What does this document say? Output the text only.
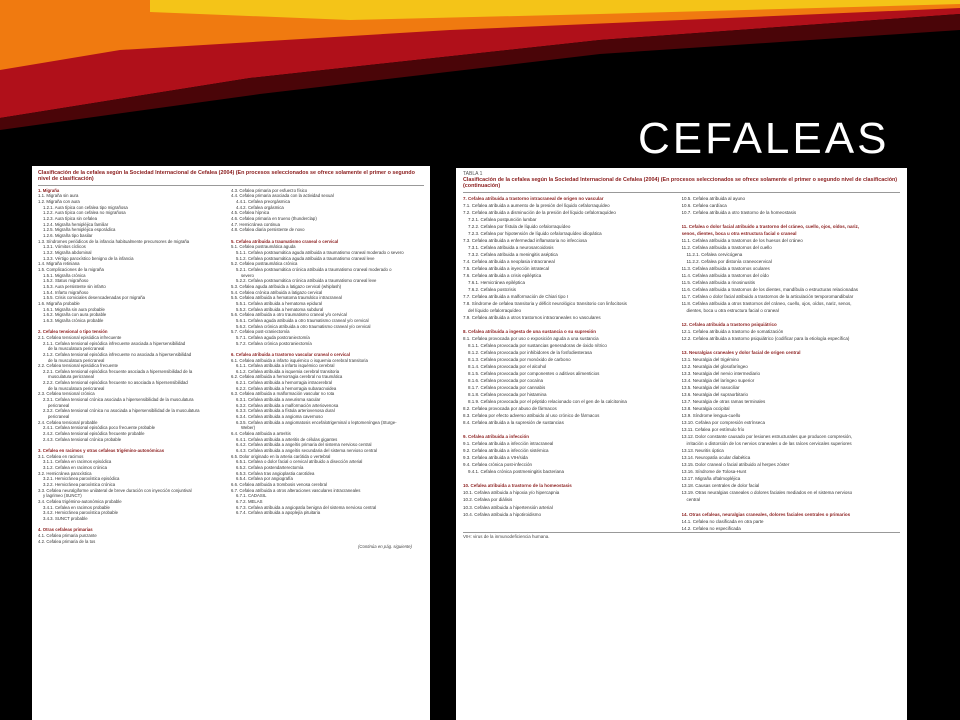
CEFALEAS
Clasificación de la cefalea según la Sociedad Internacional de Cefalea (2004) (En procesos seleccionados se ofrece solamente el primer o segundo nivel de clasificación)
1. Migraña
1.1. Migraña sin aura
1.2. Migraña con aura
1.2.1. Aura típica con cefalea tipo migrañosa
1.2.2. Aura típica con cefalea no migrañosa
1.2.3. Aura típica sin cefalea
1.2.4. Migraña hemipléjica familiar
1.2.5. Migraña hemipléjica esporádica
1.2.6. Migraña tipo basilar
1.3. Síndromes periódicos de la infancia habitualmente precursores de migraña
1.3.1. Vómitos cíclicos
1.3.2. Migraña abdominal
1.3.3. Vértigo paroxístico benigno de la infancia
1.4. Migraña retiniana
1.5. Complicaciones de la migraña
1.5.1. Migraña crónica
1.5.2. Status migrañoso
1.5.3. Aura persistente sin infarto
1.5.4. Infarto migrañoso
1.5.5. Crisis comiciales desencadenadas por migraña
1.6. Migraña probable
1.6.1. Migraña sin aura probable
1.6.2. Migraña con aura probable
1.6.3. Migraña crónica probable

2. Cefalea tensional o tipo tensión
2.1. Cefalea tensional episódica infrecuente
2.1.1. Cefalea tensional episódica infrecuente asociada a hipersensibilidad
de la musculatura pericraneal
2.1.2. Cefalea tensional episódica infrecuente no asociada a hipersensibilidad
de la musculatura pericraneal
2.2. Cefalea tensional episódica frecuente
2.2.1. Cefalea tensional episódica frecuente asociada a hipersensibilidad de la
musculatura pericraneal
2.2.2. Cefalea tensional episódica frecuente no asociada a hipersensibilidad
de la musculatura pericraneal
2.3. Cefalea tensional crónica
2.3.1. Cefalea tensional crónica asociada a hipersensibilidad de la musculatura
pericraneal
2.3.2. Cefalea tensional crónica no asociada a hipersensibilidad de la musculatura
pericraneal
2.4. Cefalea tensional probable
2.4.1. Cefalea tensional episódica poco frecuente probable
2.4.2. Cefalea tensional episódica frecuente probable
2.4.3. Cefalea tensional crónica probable

3. Cefalea en racimos y otras cefaleas trigémino-autonómicas
3.1. Cefalea en racimos
3.1.1. Cefalea en racimos episódica
3.1.2. Cefalea en racimos crónica
3.2. Hemicránea paroxística
3.2.1. Hemicránea paroxística episódica
3.2.2. Hemicránea paroxística crónica
3.3. Cefalea neuralgiforme unilateral de breve duración con inyección conjuntival
y lagrimeo (SUNCT)
3.4. Cefalea trigémino-autonómica probable
3.4.1. Cefalea en racimos probable
3.4.2. Hemicránea paroxística probable
3.4.3. SUNCT probable

4. Otras cefaleas primarias
4.1. Cefalea primaria punzante
4.2. Cefalea primaria de la tos
4.3. Cefalea primaria por esfuerzo físico
4.4. Cefalea primaria asociada con la actividad sexual
4.4.1. Cefalea preorgásmica
4.4.2. Cefalea orgásmica
4.5. Cefalea hípnica
4.6. Cefalea primaria en trueno (thunderclap)
4.7. Hemicránea continua
4.8. Cefalea diaria persistente de novo

5. Cefalea atribuida a traumatismo craneal o cervical
5.1. Cefalea postraumática aguda
5.1.1. Cefalea postraumática aguda atribuida a traumatismo craneal moderado o severo
5.1.2. Cefalea postraumática aguda atribuida a traumatismo craneal leve
5.2. Cefalea postraumática crónica
5.2.1. Cefalea postraumática crónica atribuida a traumatismo craneal moderado o
severo
5.2.2. Cefalea postraumática crónica atribuida a traumatismo craneal leve
5.3. Cefalea aguda atribuida a latigazo cervical (whiplash)
5.4. Cefalea crónica atribuida a latigazo cervical
5.5. Cefalea atribuida a hematoma traumático intracraneal
5.5.1. Cefalea atribuida a hematoma epidural
5.5.2. Cefalea atribuida a hematoma subdural
5.6. Cefalea atribuida a otro traumatismo craneal y/o cervical
5.6.1. Cefalea aguda atribuida a otro traumatismo craneal y/o cervical
5.6.2. Cefalea crónica atribuida a otro traumatismo craneal y/o cervical
5.7. Cefalea post-craniectomía
5.7.1. Cefalea aguda postcraniectomía
5.7.2. Cefalea crónica postcraniectomía

6. Cefalea atribuida a trastorno vascular craneal o cervical
6.1. Cefalea atribuida a infarto isquémico o isquemia cerebral transitoria
6.1.1. Cefalea atribuida a infarto isquémico cerebral
6.1.2. Cefalea atribuida a isquemia cerebral transitoria
6.2. Cefalea atribuida a hemorragia cerebral no traumática
6.2.1. Cefalea atribuida a hemorragia intracerebral
6.2.2. Cefalea atribuida a hemorragia subaracnoidea
6.3. Cefalea atribuida a malformación vascular no rota
6.3.1. Cefalea atribuida a aneurisma sacular
6.3.2. Cefalea atribuida a malformación arteriovenosa
6.3.3. Cefalea atribuida a fístula arteriovenosa dural
6.3.4. Cefalea atribuida a angioma cavernoso
6.3.5. Cefalea atribuida a angiomatosis encefalotrigeminal o leptomeníngea (Sturge-
Weber)
6.4. Cefalea atribuida a arteritis
6.4.1. Cefalea atribuida a arteritis de células gigantes
6.4.2. Cefalea atribuida a angeítis primaria del sistema nervioso central
6.4.3. Cefalea atribuida a angeítis secundaria del sistema nervioso central
6.5. Dolor originado en la arteria carótida o vertebral
6.5.1. Cefalea o dolor facial o cervical atribuido a disección arterial
6.5.2. Cefalea postendarterectomía
6.5.3. Cefalea tras angioplastia carotídea
6.5.4. Cefalea por angiografía
6.6. Cefalea atribuida a trombosis venosa cerebral
6.7. Cefalea atribuida a otros alteraciones vasculares intracraneales
6.7.1. CADASIL
6.7.2. MELAS
6.7.3. Cefalea atribuida a angiopatía benigna del sistema nervioso central
6.7.4. Cefalea atribuida a apoplejía pituitaria
(Continúa en pág. siguiente)
TABLA 1
Clasificación de la cefalea según la Sociedad Internacional de Cefalea (2004) (En procesos seleccionados se ofrece solamente el primer o segundo nivel de clasificación) (continuación)
7. Cefalea atribuida a trastorno intracraneal de origen no vascular
7.1. Cefalea atribuida a aumento de la presión del líquido cefalorraquídeo
7.2. Cefalea atribuida a disminución de la presión del líquido cefalorraquídeo
7.2.1. Cefalea postpunción lumbar
7.2.2. Cefalea por fístula de líquido cefalorraquídeo
7.2.3. Cefalea por hipotensión de líquido cefalorraquídeo idiopática
7.3. Cefalea atribuida a enfermedad inflamatoria no infecciosa
7.3.1. Cefalea atribuida a neurosarcoidosis
7.3.2. Cefalea atribuida a meningitis aséptica
7.4. Cefalea atribuida a neoplasia intracraneal
7.5. Cefalea atribuida a inyección intratecal
7.6. Cefalea atribuida a crisis epiléptica
7.6.1. Hemicránea epiléptica
7.6.2. Cefalea postcrisis
7.7. Cefalea atribuida a malformación de Chiari tipo I
7.8. Síndrome de cefalea transitoria y déficit neurológico transitorio con linfocitosis
del líquido cefalorraquídeo
7.9. Cefalea atribuida a otros trastornos intracraneales no vasculares

8. Cefalea atribuida a ingesta de una sustancia o su supresión
8.1. Cefalea provocada por uso o exposición aguda a una sustancia
8.1.1. Cefalea provocada por sustancias generadoras de óxido nítrico
8.1.2. Cefalea provocada por inhibidores de la fosfodiesterasa
8.1.3. Cefalea provocada por monóxido de carbono
8.1.4. Cefalea provocada por el alcohol
8.1.5. Cefalea provocada por componentes o aditivos alimenticios
8.1.6. Cefalea provocada por cocaína
8.1.7. Cefalea provocada por cannabis
8.1.8. Cefalea provocada por histamina
8.1.9. Cefalea provocada por el péptido relacionado con el gen de la calcitonina
8.2. Cefalea provocada por abuso de fármacos
8.3. Cefalea por efecto adverso atribuido al uso crónico de fármacos
8.4. Cefalea atribuida a la supresión de sustancias

9. Cefalea atribuida a infección
9.1. Cefalea atribuida a infección intracraneal
9.2. Cefalea atribuida a infección sistémica
9.3. Cefalea atribuida a VIH/sida
9.4. Cefalea crónica post-infección
9.4.1. Cefalea crónica postmeningitis bacteriana

10. Cefalea atribuida a trastorno de la homeostasis
10.1. Cefalea atribuida a hipoxia y/o hipercapnia
10.2. Cefalea por diálisis
10.3. Cefalea atribuida a hipertensión arterial
10.4. Cefalea atribuida a hipotiroidismo
10.5. Cefalea atribuida al ayuno
10.6. Cefalea cardíaca
10.7. Cefalea atribuida a otro trastorno de la homeostasis

11. Cefalea o dolor facial atribuido a trastorno del cráneo, cuello, ojos, oídos, nariz,
senos, dientes, boca u otra estructura facial o craneal
11.1. Cefalea atribuida a trastornos de los huesos del cráneo
11.2. Cefalea atribuida a trastornos del cuello
11.2.1. Cefalea cervicógena
11.2.2. Cefalea por distonía craneocervical
11.3. Cefalea atribuida a trastornos oculares
11.4. Cefalea atribuida a trastornos del oído
11.5. Cefalea atribuida a rinosinusitis
11.6. Cefalea atribuida a trastornos de los dientes, mandíbula o estructuras relacionadas
11.7. Cefalea o dolor facial atribuido a trastornos de la articulación temporomandibular
11.8. Cefalea atribuida a otros trastornos del cráneo, cuello, ojos, oídos, nariz, senos,
dientes, boca u otra estructura facial o craneal

12. Cefalea atribuida a trastorno psiquiátrico
12.1. Cefalea atribuida a trastorno de somatización
12.2. Cefalea atribuida a trastorno psiquiátrico (codificar para la etiología específica)

13. Neuralgias craneales y dolor facial de origen central
13.1. Neuralgia del trigémino
13.2. Neuralgia del glosofaríngeo
13.3. Neuralgia del nervio intermediario
13.4. Neuralgia del laríngeo superior
13.5. Neuralgia del nasociliar
13.6. Neuralgia del supraorbitario
13.7. Neuralgia de otras ramas terminales
13.8. Neuralgia occipital
13.9. Síndrome lengua-cuello
13.10. Cefalea por compresión extrínseca
13.11. Cefalea por estímulo frío
13.12. Dolor constante causado por lesiones estructurales que producen compresión,
irritación o distorsión de los nervios craneales o de las raíces cervicales superiores
13.13. Neuritis óptica
13.14. Neuropatía ocular diabética
13.15. Dolor craneal o facial atribuido al herpes zóster
13.16. Síndrome de Tolosa-Hunt
13.17. Migraña oftalmopléjica
13.18. Causas centrales de dolor facial
13.19. Otras neuralgias craneales o dolores faciales mediados en el sistema nervioso
central

14. Otras cefaleas, neuralgias craneales, dolores faciales centrales o primarios
14.1. Cefalea no clasificada en otra parte
14.2. Cefalea no especificada
VIH: virus de la inmunodeficiencia humana.
